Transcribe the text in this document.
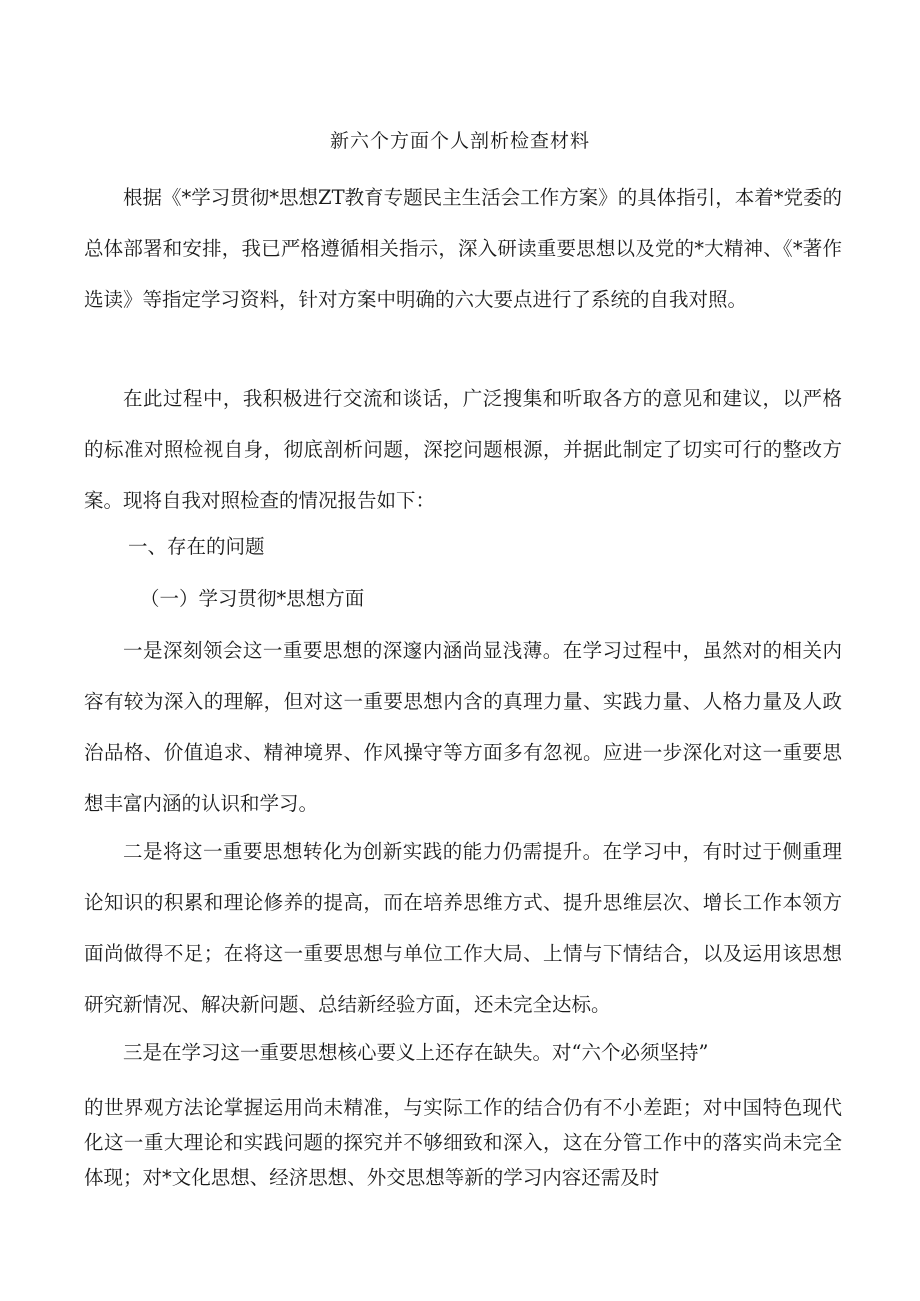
新六个方面个人剖析检查材料

根据《*学习贯彻*思想ZT教育专题民主生活会工作方案》的具体指引，本着*党委的总体部署和安排，我已严格遵循相关指示，深入研读重要思想以及党的*大精神、《*著作选读》等指定学习资料，针对方案中明确的六大要点进行了系统的自我对照。

在此过程中，我积极进行交流和谈话，广泛搜集和听取各方的意见和建议，以严格的标准对照检视自身，彻底剖析问题，深挖问题根源，并据此制定了切实可行的整改方案。现将自我对照检查的情况报告如下：

一、存在的问题

（一）学习贯彻*思想方面

一是深刻领会这一重要思想的深邃内涵尚显浅薄。在学习过程中，虽然对的相关内容有较为深入的理解，但对这一重要思想内含的真理力量、实践力量、人格力量及人政治品格、价值追求、精神境界、作风操守等方面多有忽视。应进一步深化对这一重要思想丰富内涵的认识和学习。

二是将这一重要思想转化为创新实践的能力仍需提升。在学习中，有时过于侧重理论知识的积累和理论修养的提高，而在培养思维方式、提升思维层次、增长工作本领方面尚做得不足；在将这一重要思想与单位工作大局、上情与下情结合，以及运用该思想研究新情况、解决新问题、总结新经验方面，还未完全达标。

三是在学习这一重要思想核心要义上还存在缺失。对“六个必须坚持”

的世界观方法论掌握运用尚未精准，与实际工作的结合仍有不小差距；对中国特色现代化这一重大理论和实践问题的探究并不够细致和深入，这在分管工作中的落实尚未完全体现；对*文化思想、经济思想、外交思想等新的学习内容还需及时
